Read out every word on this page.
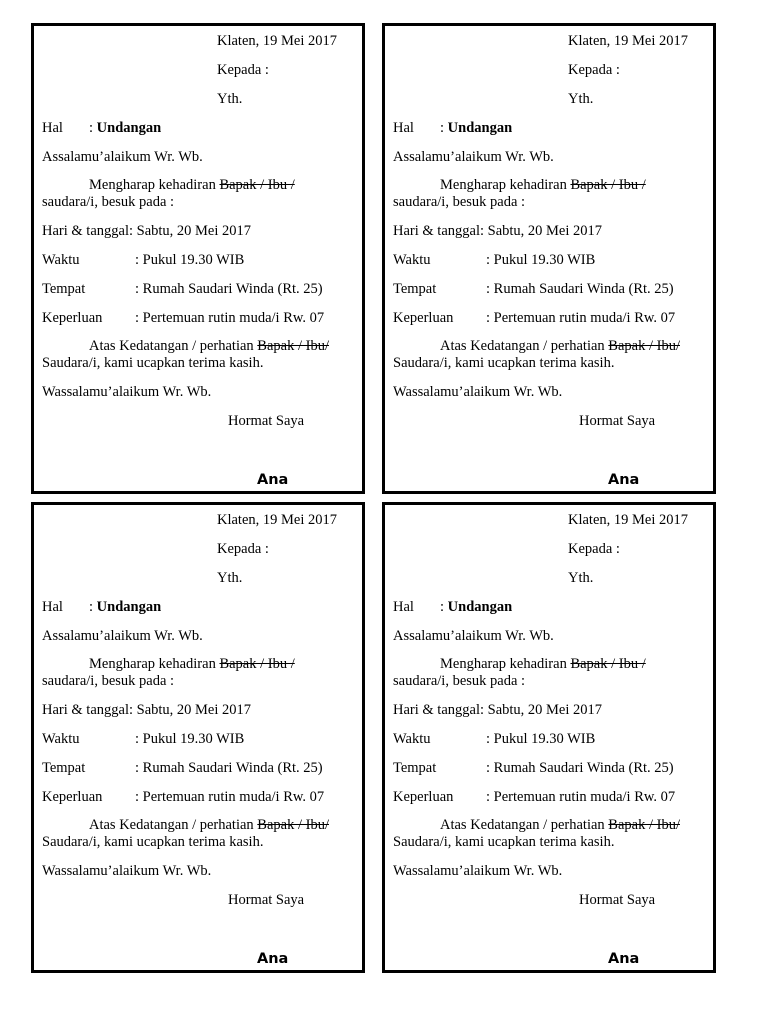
Klaten, 19 Mei 2017
Kepada :
Yth.
Hal : Undangan
Assalamu’alaikum Wr. Wb.
Mengharap kehadiran Bapak / Ibu /
saudara/i, besuk pada :
Hari & tanggal: Sabtu, 20 Mei 2017
Waktu	: Pukul 19.30 WIB
Tempat	: Rumah Saudari Winda (Rt. 25)
Keperluan : Pertemuan rutin muda/i Rw. 07
Atas Kedatangan / perhatian Bapak / Ibu/
Saudara/i, kami ucapkan terima kasih.
Wassalamu’alaikum Wr. Wb.
Hormat Saya
Ana
Klaten, 19 Mei 2017
Kepada :
Yth.
Hal : Undangan
Assalamu’alaikum Wr. Wb.
Mengharap kehadiran Bapak / Ibu /
saudara/i, besuk pada :
Hari & tanggal: Sabtu, 20 Mei 2017
Waktu	: Pukul 19.30 WIB
Tempat	: Rumah Saudari Winda (Rt. 25)
Keperluan : Pertemuan rutin muda/i Rw. 07
Atas Kedatangan / perhatian Bapak / Ibu/
Saudara/i, kami ucapkan terima kasih.
Wassalamu’alaikum Wr. Wb.
Hormat Saya
Ana
Klaten, 19 Mei 2017
Kepada :
Yth.
Hal : Undangan
Assalamu’alaikum Wr. Wb.
Mengharap kehadiran Bapak / Ibu /
saudara/i, besuk pada :
Hari & tanggal: Sabtu, 20 Mei 2017
Waktu	: Pukul 19.30 WIB
Tempat	: Rumah Saudari Winda (Rt. 25)
Keperluan : Pertemuan rutin muda/i Rw. 07
Atas Kedatangan / perhatian Bapak / Ibu/
Saudara/i, kami ucapkan terima kasih.
Wassalamu’alaikum Wr. Wb.
Hormat Saya
Ana
Klaten, 19 Mei 2017
Kepada :
Yth.
Hal : Undangan
Assalamu’alaikum Wr. Wb.
Mengharap kehadiran Bapak / Ibu /
saudara/i, besuk pada :
Hari & tanggal: Sabtu, 20 Mei 2017
Waktu	: Pukul 19.30 WIB
Tempat	: Rumah Saudari Winda (Rt. 25)
Keperluan : Pertemuan rutin muda/i Rw. 07
Atas Kedatangan / perhatian Bapak / Ibu/
Saudara/i, kami ucapkan terima kasih.
Wassalamu’alaikum Wr. Wb.
Hormat Saya
Ana
